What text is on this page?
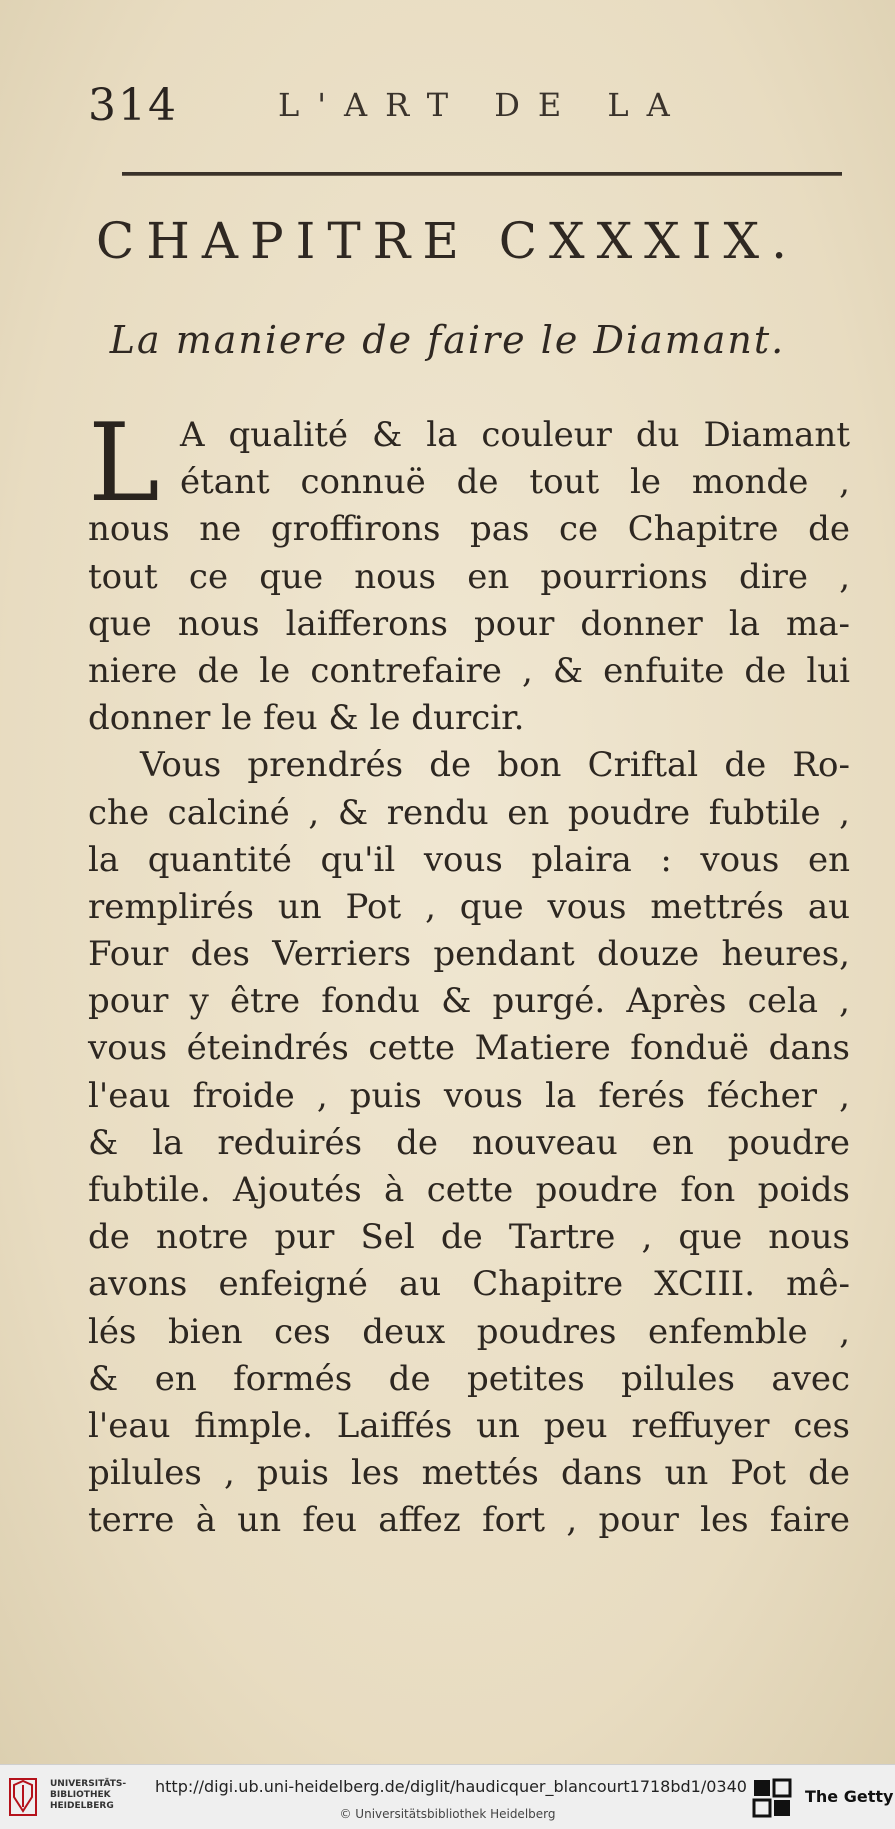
314	L'ART DE LA
CHAPITRE CXXXIX.
La maniere de faire le Diamant.
L A qualité & la couleur du Diamant
étant connuë de tout le monde ,
nous ne groffirons pas ce Chapitre de
tout ce que nous en pourrions dire ,
que nous laifferons pour donner la ma-
niere de le contrefaire , & enfuite de lui
donner le feu & le durcir.
Vous prendrés de bon Criftal de Ro-
che calciné , & rendu en poudre fubtile ,
la quantité qu'il vous plaira : vous en
remplirés un Pot , que vous mettrés au
Four des Verriers pendant douze heures,
pour y être fondu & purgé. Après cela ,
vous éteindrés cette Matiere fonduë dans
l'eau froide , puis vous la ferés fécher ,
& la reduirés de nouveau en poudre
fubtile. Ajoutés à cette poudre fon poids
de notre pur Sel de Tartre , que nous
avons enfeigné au Chapitre XCIII. mê-
lés bien ces deux poudres enfemble ,
& en formés de petites pilules avec
l'eau fimple. Laiffés un peu reffuyer ces
pilules , puis les mettés dans un Pot de
terre à un feu affez fort , pour les faire
UNIVERSITÄTS-
BIBLIOTHEK
HEIDELBERG
http://digi.ub.uni-heidelberg.de/diglit/haudicquer_blancourt1718bd1/0340
© Universitätsbibliothek Heidelberg
The Getty
